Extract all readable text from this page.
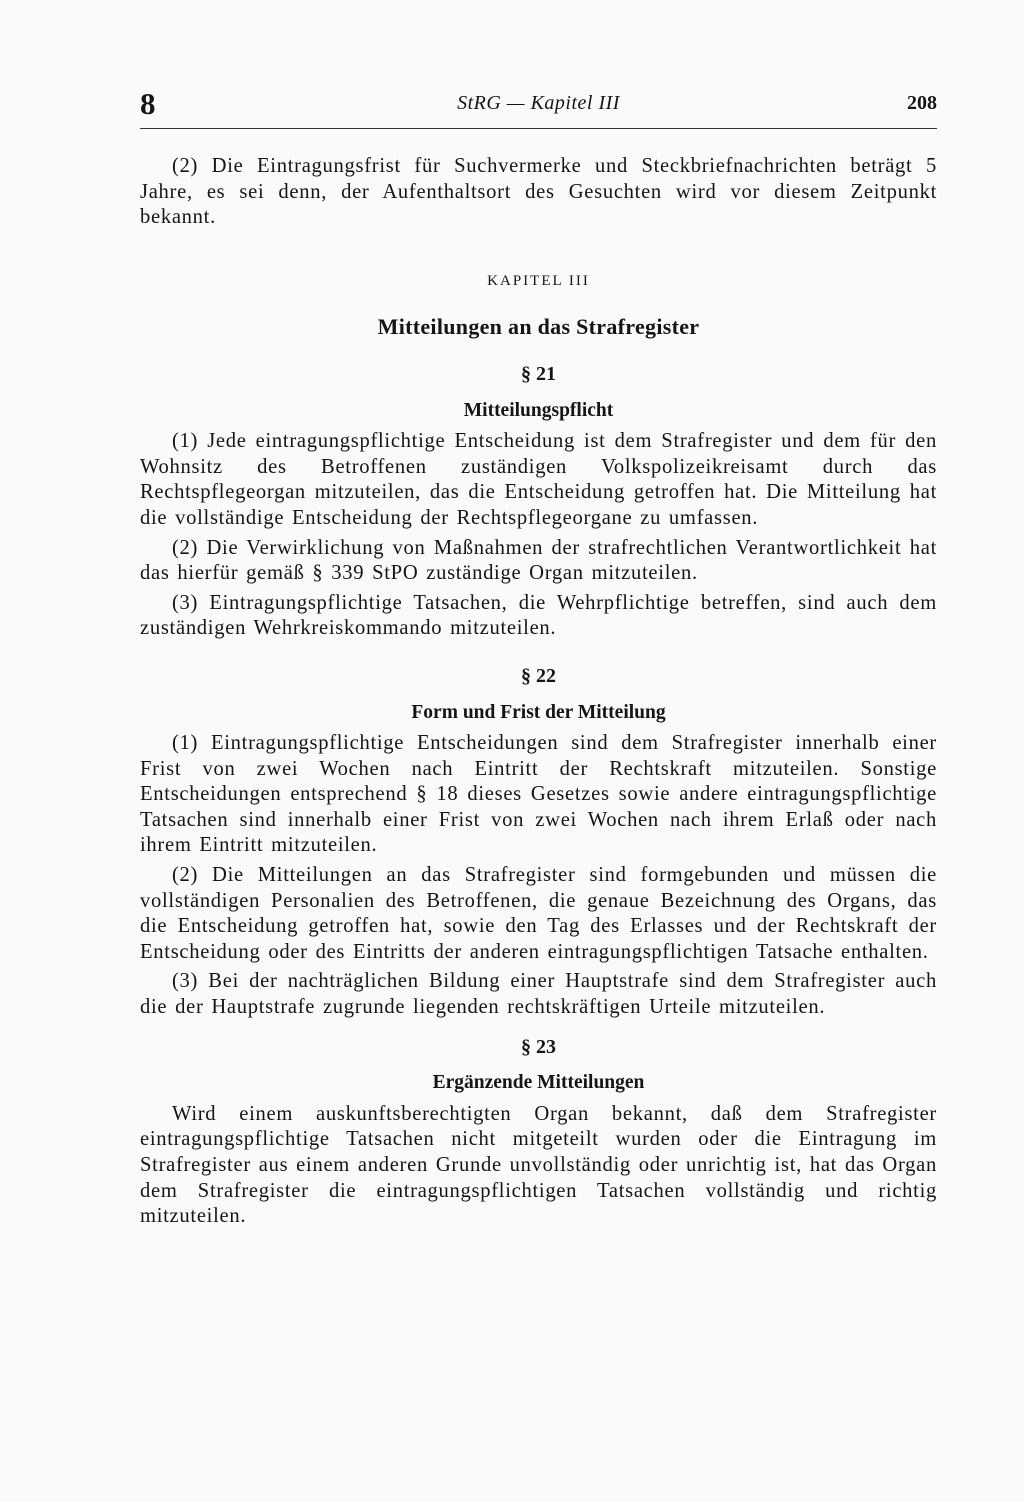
8	StRG — Kapitel III	208

(2) Die Eintragungsfrist für Suchvermerke und Steckbriefnachrichten beträgt 5 Jahre, es sei denn, der Aufenthaltsort des Gesuchten wird vor diesem Zeitpunkt bekannt.

KAPITEL III
Mitteilungen an das Strafregister
§ 21
Mitteilungspflicht

(1) Jede eintragungspflichtige Entscheidung ist dem Strafregister und dem für den Wohnsitz des Betroffenen zuständigen Volkspolizeikreisamt durch das Rechtspflegeorgan mitzuteilen, das die Entscheidung getroffen hat. Die Mitteilung hat die vollständige Entscheidung der Rechtspflegeorgane zu umfassen.

(2) Die Verwirklichung von Maßnahmen der strafrechtlichen Verantwortlichkeit hat das hierfür gemäß § 339 StPO zuständige Organ mitzuteilen.

(3) Eintragungspflichtige Tatsachen, die Wehrpflichtige betreffen, sind auch dem zuständigen Wehrkreiskommando mitzuteilen.

§ 22
Form und Frist der Mitteilung

(1) Eintragungspflichtige Entscheidungen sind dem Strafregister innerhalb einer Frist von zwei Wochen nach Eintritt der Rechtskraft mitzuteilen. Sonstige Entscheidungen entsprechend § 18 dieses Gesetzes sowie andere eintragungspflichtige Tatsachen sind innerhalb einer Frist von zwei Wochen nach ihrem Erlaß oder nach ihrem Eintritt mitzuteilen.

(2) Die Mitteilungen an das Strafregister sind formgebunden und müssen die vollständigen Personalien des Betroffenen, die genaue Bezeichnung des Organs, das die Entscheidung getroffen hat, sowie den Tag des Erlasses und der Rechtskraft der Entscheidung oder des Eintritts der anderen eintragungspflichtigen Tatsache enthalten.

(3) Bei der nachträglichen Bildung einer Hauptstrafe sind dem Strafregister auch die der Hauptstrafe zugrunde liegenden rechtskräftigen Urteile mitzuteilen.

§ 23
Ergänzende Mitteilungen

Wird einem auskunftsberechtigten Organ bekannt, daß dem Strafregister eintragungspflichtige Tatsachen nicht mitgeteilt wurden oder die Eintragung im Strafregister aus einem anderen Grunde unvollständig oder unrichtig ist, hat das Organ dem Strafregister die eintragungspflichtigen Tatsachen vollständig und richtig mitzuteilen.
